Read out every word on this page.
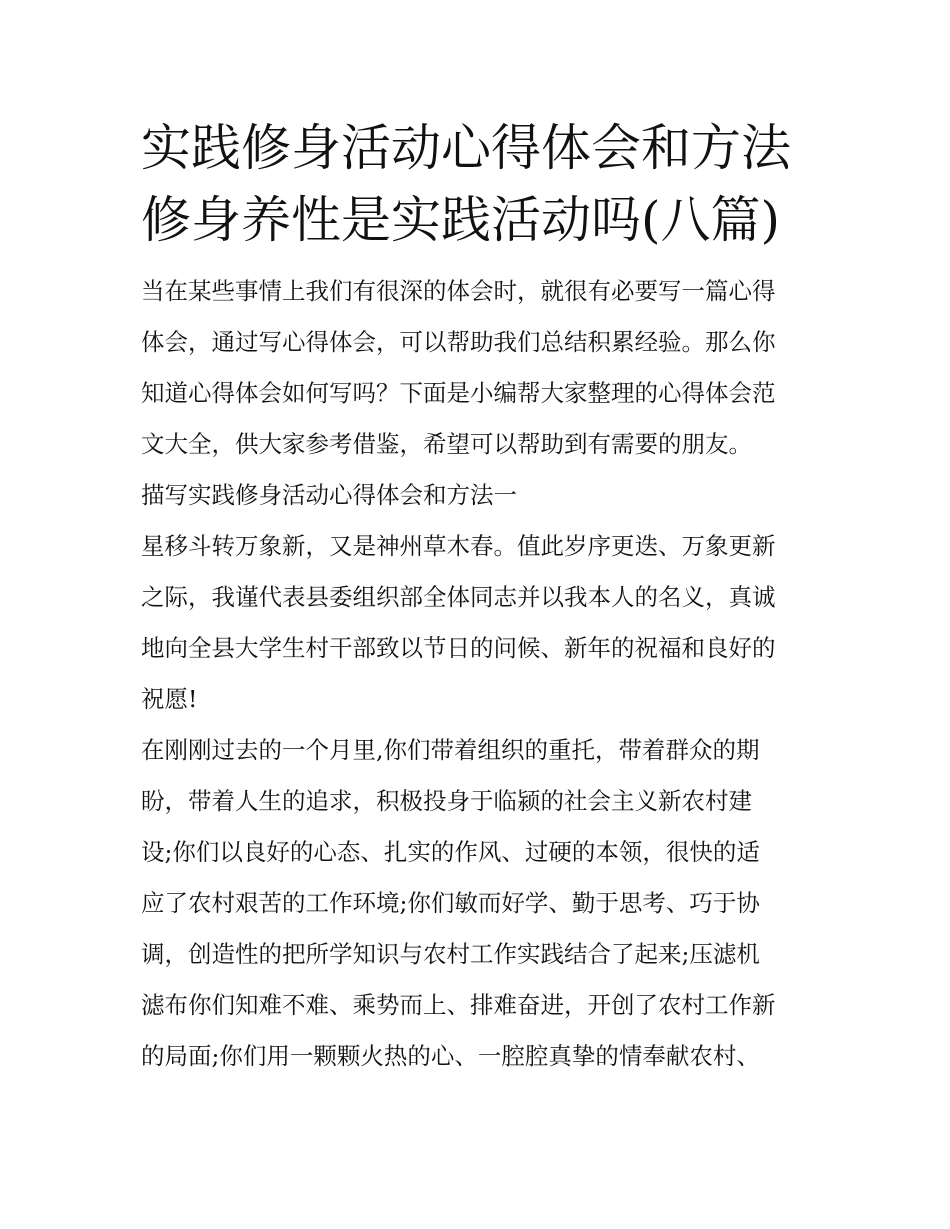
实践修身活动心得体会和方法
修身养性是实践活动吗(八篇)
当在某些事情上我们有很深的体会时，就很有必要写一篇心得
体会，通过写心得体会，可以帮助我们总结积累经验。那么你
知道心得体会如何写吗？下面是小编帮大家整理的心得体会范
文大全，供大家参考借鉴，希望可以帮助到有需要的朋友。
描写实践修身活动心得体会和方法一
星移斗转万象新，又是神州草木春。值此岁序更迭、万象更新
之际，我谨代表县委组织部全体同志并以我本人的名义，真诚
地向全县大学生村干部致以节日的问候、新年的祝福和良好的
祝愿!
在刚刚过去的一个月里,你们带着组织的重托，带着群众的期
盼，带着人生的追求，积极投身于临颍的社会主义新农村建
设;你们以良好的心态、扎实的作风、过硬的本领，很快的适
应了农村艰苦的工作环境;你们敏而好学、勤于思考、巧于协
调，创造性的把所学知识与农村工作实践结合了起来;压滤机
滤布你们知难不难、乘势而上、排难奋进，开创了农村工作新
的局面;你们用一颗颗火热的心、一腔腔真挚的情奉献农村、
